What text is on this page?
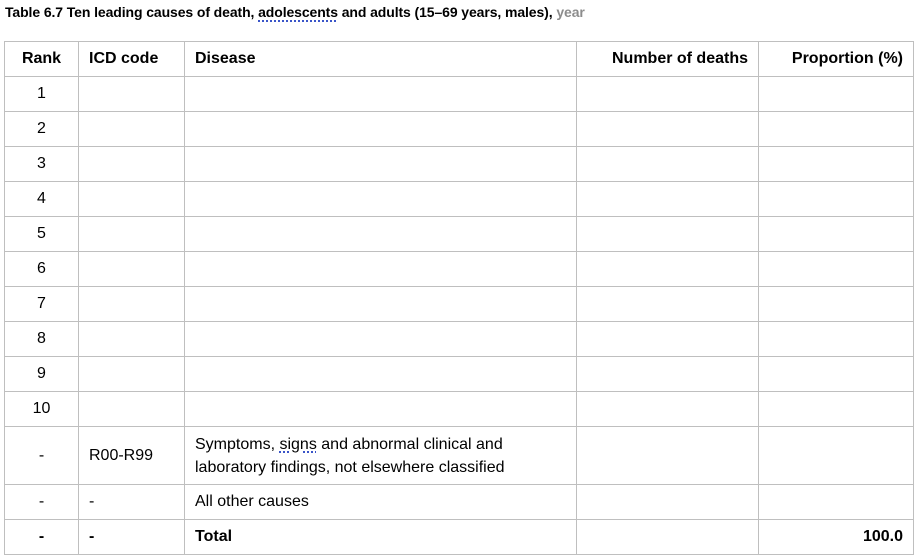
Table 6.7 Ten leading causes of death, adolescents and adults (15–69 years, males), year
Rank	ICD code	Disease	Number of deaths	Proportion (%)
1				
2				
3				
4				
5				
6				
7				
8				
9				
10				
-	R00-R99	Symptoms, signs and abnormal clinical and laboratory findings, not elsewhere classified		
-	-	All other causes		
-	-	Total		100.0
